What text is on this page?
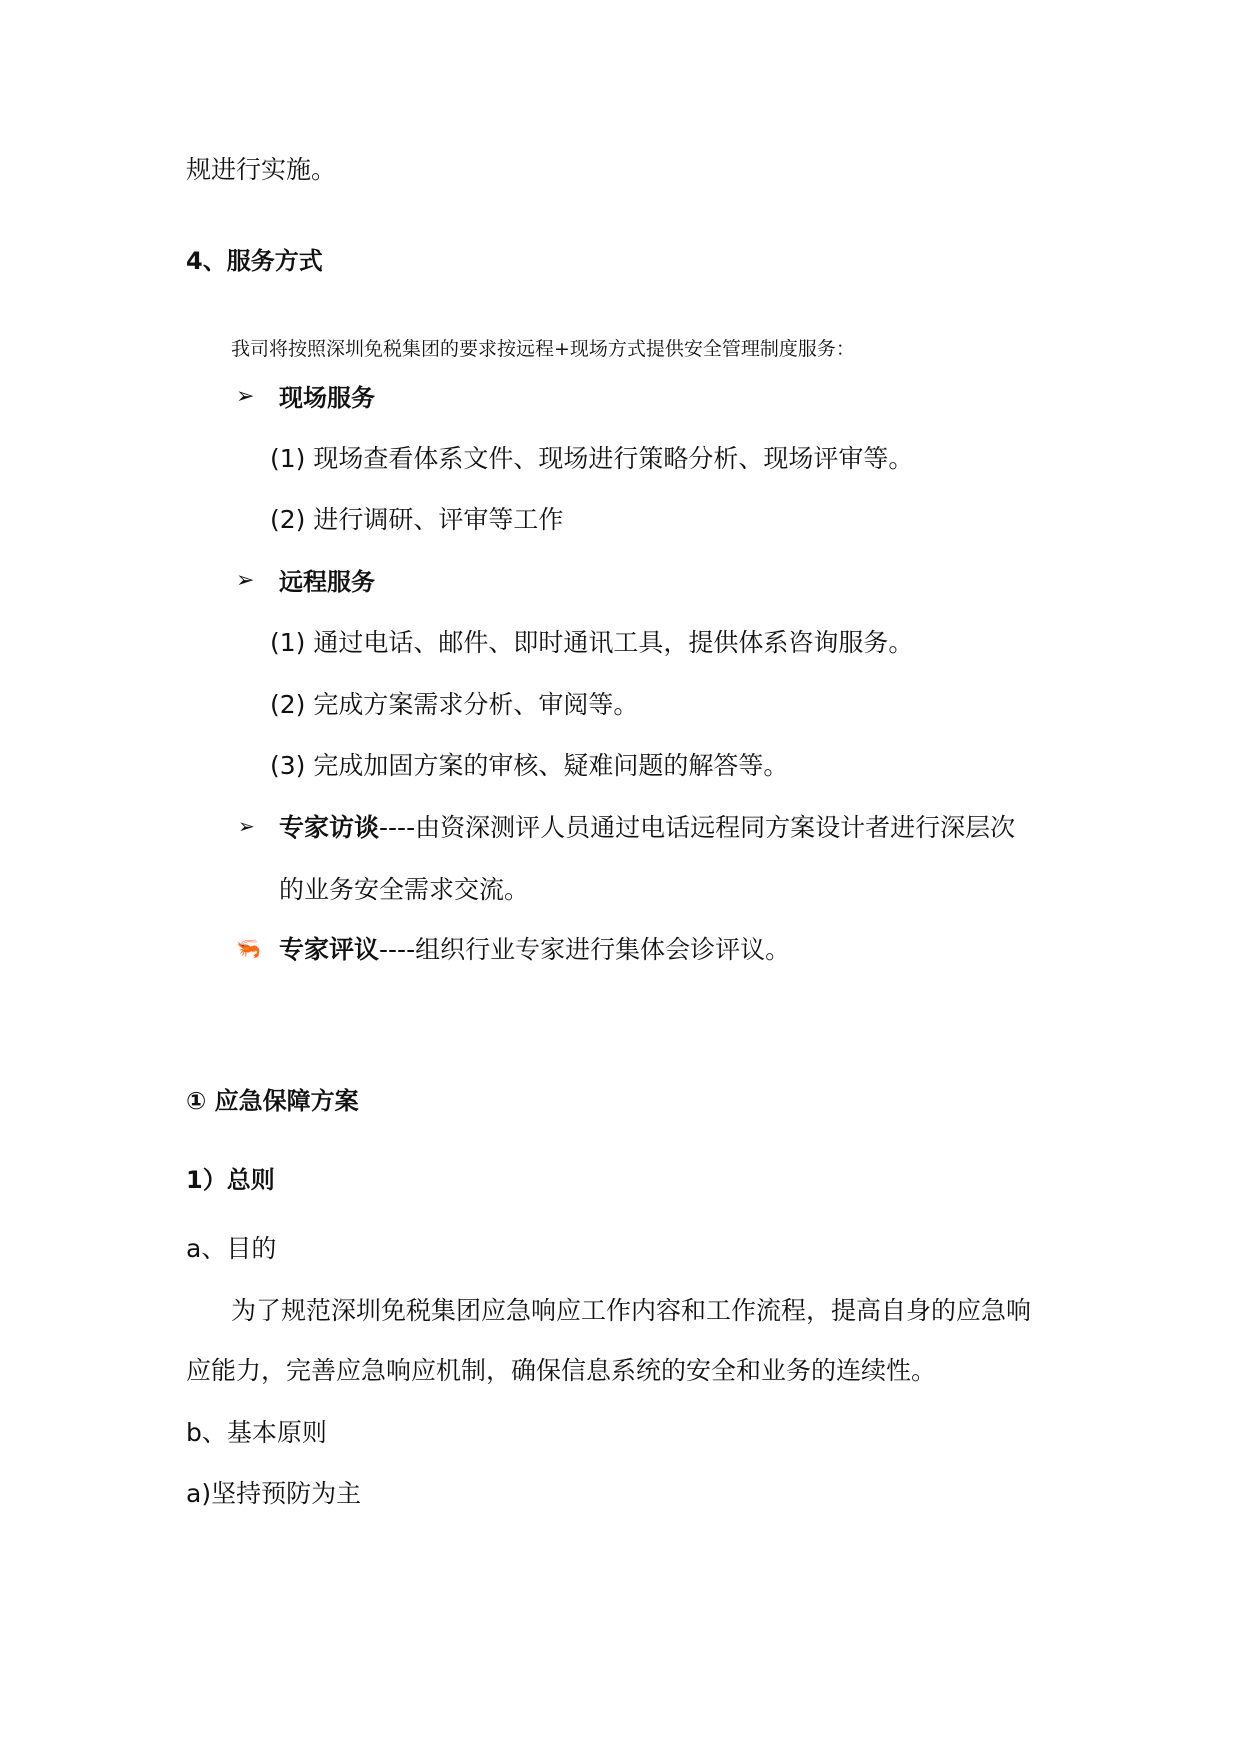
规进行实施。
4、服务方式
我司将按照深圳免税集团的要求按远程+现场方式提供安全管理制度服务：
➢ 现场服务
(1) 现场查看体系文件、现场进行策略分析、现场评审等。
(2) 进行调研、评审等工作
➢ 远程服务
(1) 通过电话、邮件、即时通讯工具，提供体系咨询服务。
(2) 完成方案需求分析、审阅等。
(3) 完成加固方案的审核、疑难问题的解答等。
➢ 专家访谈----由资深测评人员通过电话远程同方案设计者进行深层次
的业务安全需求交流。
🦐 专家评议----组织行业专家进行集体会诊评议。
① 应急保障方案
1）总则
a、目的
为了规范深圳免税集团应急响应工作内容和工作流程，提高自身的应急响
应能力，完善应急响应机制，确保信息系统的安全和业务的连续性。
b、基本原则
a)坚持预防为主
